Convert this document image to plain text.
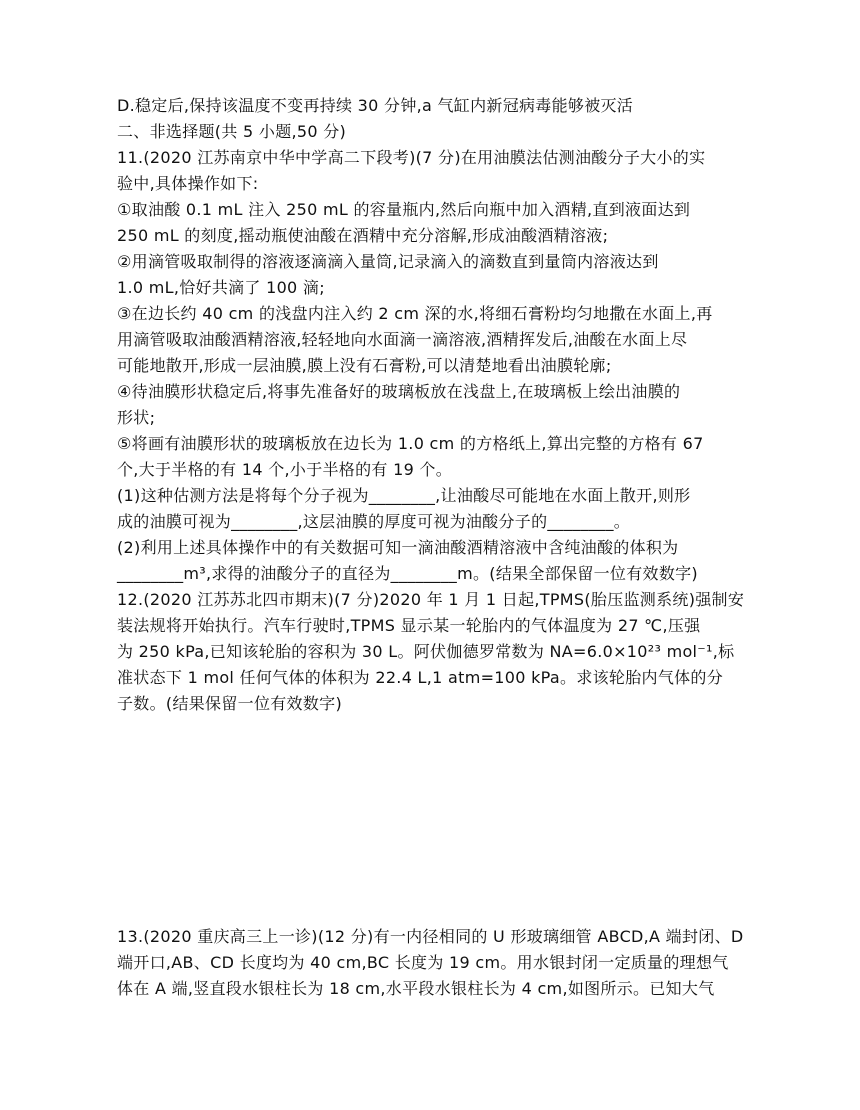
D.稳定后,保持该温度不变再持续 30 分钟,a 气缸内新冠病毒能够被灭活

二、非选择题(共 5 小题,50 分)

11.(2020 江苏南京中华中学高二下段考)(7 分)在用油膜法估测油酸分子大小的实

验中,具体操作如下:

①取油酸 0.1 mL 注入 250 mL 的容量瓶内,然后向瓶中加入酒精,直到液面达到

250 mL 的刻度,摇动瓶使油酸在酒精中充分溶解,形成油酸酒精溶液;

②用滴管吸取制得的溶液逐滴滴入量筒,记录滴入的滴数直到量筒内溶液达到

1.0 mL,恰好共滴了 100 滴;

③在边长约 40 cm 的浅盘内注入约 2 cm 深的水,将细石膏粉均匀地撒在水面上,再

用滴管吸取油酸酒精溶液,轻轻地向水面滴一滴溶液,酒精挥发后,油酸在水面上尽

可能地散开,形成一层油膜,膜上没有石膏粉,可以清楚地看出油膜轮廓;

④待油膜形状稳定后,将事先准备好的玻璃板放在浅盘上,在玻璃板上绘出油膜的

形状;

⑤将画有油膜形状的玻璃板放在边长为 1.0 cm 的方格纸上,算出完整的方格有 67

个,大于半格的有 14 个,小于半格的有 19 个。

(1)这种估测方法是将每个分子视为________,让油酸尽可能地在水面上散开,则形

成的油膜可视为________,这层油膜的厚度可视为油酸分子的________。

(2)利用上述具体操作中的有关数据可知一滴油酸酒精溶液中含纯油酸的体积为

________m³,求得的油酸分子的直径为________m。(结果全部保留一位有效数字)

12.(2020 江苏苏北四市期末)(7 分)2020 年 1 月 1 日起,TPMS(胎压监测系统)强制安

装法规将开始执行。汽车行驶时,TPMS 显示某一轮胎内的气体温度为 27 ℃,压强

为 250 kPa,已知该轮胎的容积为 30 L。阿伏伽德罗常数为 NA=6.0×10²³ mol⁻¹,标

准状态下 1 mol 任何气体的体积为 22.4 L,1 atm=100 kPa。求该轮胎内气体的分

子数。(结果保留一位有效数字)

13.(2020 重庆高三上一诊)(12 分)有一内径相同的 U 形玻璃细管 ABCD,A 端封闭、D

端开口,AB、CD 长度均为 40 cm,BC 长度为 19 cm。用水银封闭一定质量的理想气

体在 A 端,竖直段水银柱长为 18 cm,水平段水银柱长为 4 cm,如图所示。已知大气
